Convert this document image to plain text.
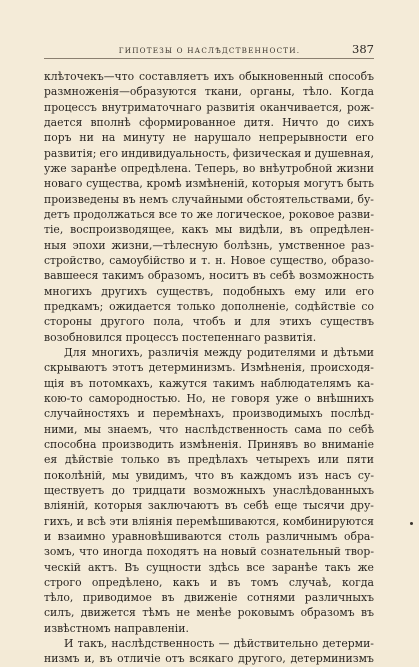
ГИПОТЕЗЫ О НАСЛѢДСТВЕННОСТИ.	387
клѣточекъ—что составляетъ ихъ обыкновенный способъ
размноженія—образуются ткани, органы, тѣло. Когда
процессъ внутриматочнаго развитія оканчивается, рож-
дается вполнѣ сформированное дитя. Ничто до сихъ
поръ ни на минуту не нарушало непрерывности его
развитія; его индивидуальность, физическая и душевная,
уже заранѣе опредѣлена. Теперь, во внѣутробной жизни
новаго существа, кромѣ измѣненій, которыя могутъ быть
произведены въ немъ случайными обстоятельствами, бу-
детъ продолжаться все то же логическое, роковое разви-
тіе, воспроизводящее, какъ мы видѣли, въ опредѣлен-
ныя эпохи жизни,—тѣлесную болѣзнь, умственное раз-
стройство, самоубійство и т. н. Новое существо, образо-
вавшееся такимъ образомъ, носитъ въ себѣ возможность
многихъ другихъ существъ, подобныхъ ему или его
предкамъ; ожидается только дополненіе, содѣйствіе со
стороны другого пола, чтобъ и для этихъ существъ
возобновился процессъ постепеннаго развитія.
Для многихъ, различія между родителями и дѣтьми
скрываютъ этотъ детерминизмъ. Измѣненія, происходя-
щія въ потомкахъ, кажутся такимъ наблюдателямъ ка-
кою-то самородностью. Но, не говоря уже о внѣшнихъ
случайностяхъ и перемѣнахъ, производимыхъ послѣд-
ними, мы знаемъ, что наслѣдственность сама по себѣ
способна производить измѣненія. Принявъ во вниманіе
ея дѣйствіе только въ предѣлахъ четырехъ или пяти
поколѣній, мы увидимъ, что въ каждомъ изъ насъ су-
ществуетъ до тридцати возможныхъ унаслѣдованныхъ
вліяній, которыя заключаютъ въ себѣ еще тысячи дру-
гихъ, и всѣ эти вліянія перемѣшиваются, комбинируются
и взаимно уравновѣшиваются столь различнымъ обра-
зомъ, что иногда походятъ на новый сознательный твор-
ческій актъ. Въ сущности здѣсь все заранѣе такъ же
строго опредѣлено, какъ и въ томъ случаѣ, когда
тѣло, приводимое въ движеніе сотнями различныхъ
силъ, движется тѣмъ не менѣе роковымъ образомъ въ
извѣстномъ направленіи.
И такъ, наслѣдственность — дѣйствительно детерми-
низмъ и, въ отличіе отъ всякаго другого, детерминизмъ
